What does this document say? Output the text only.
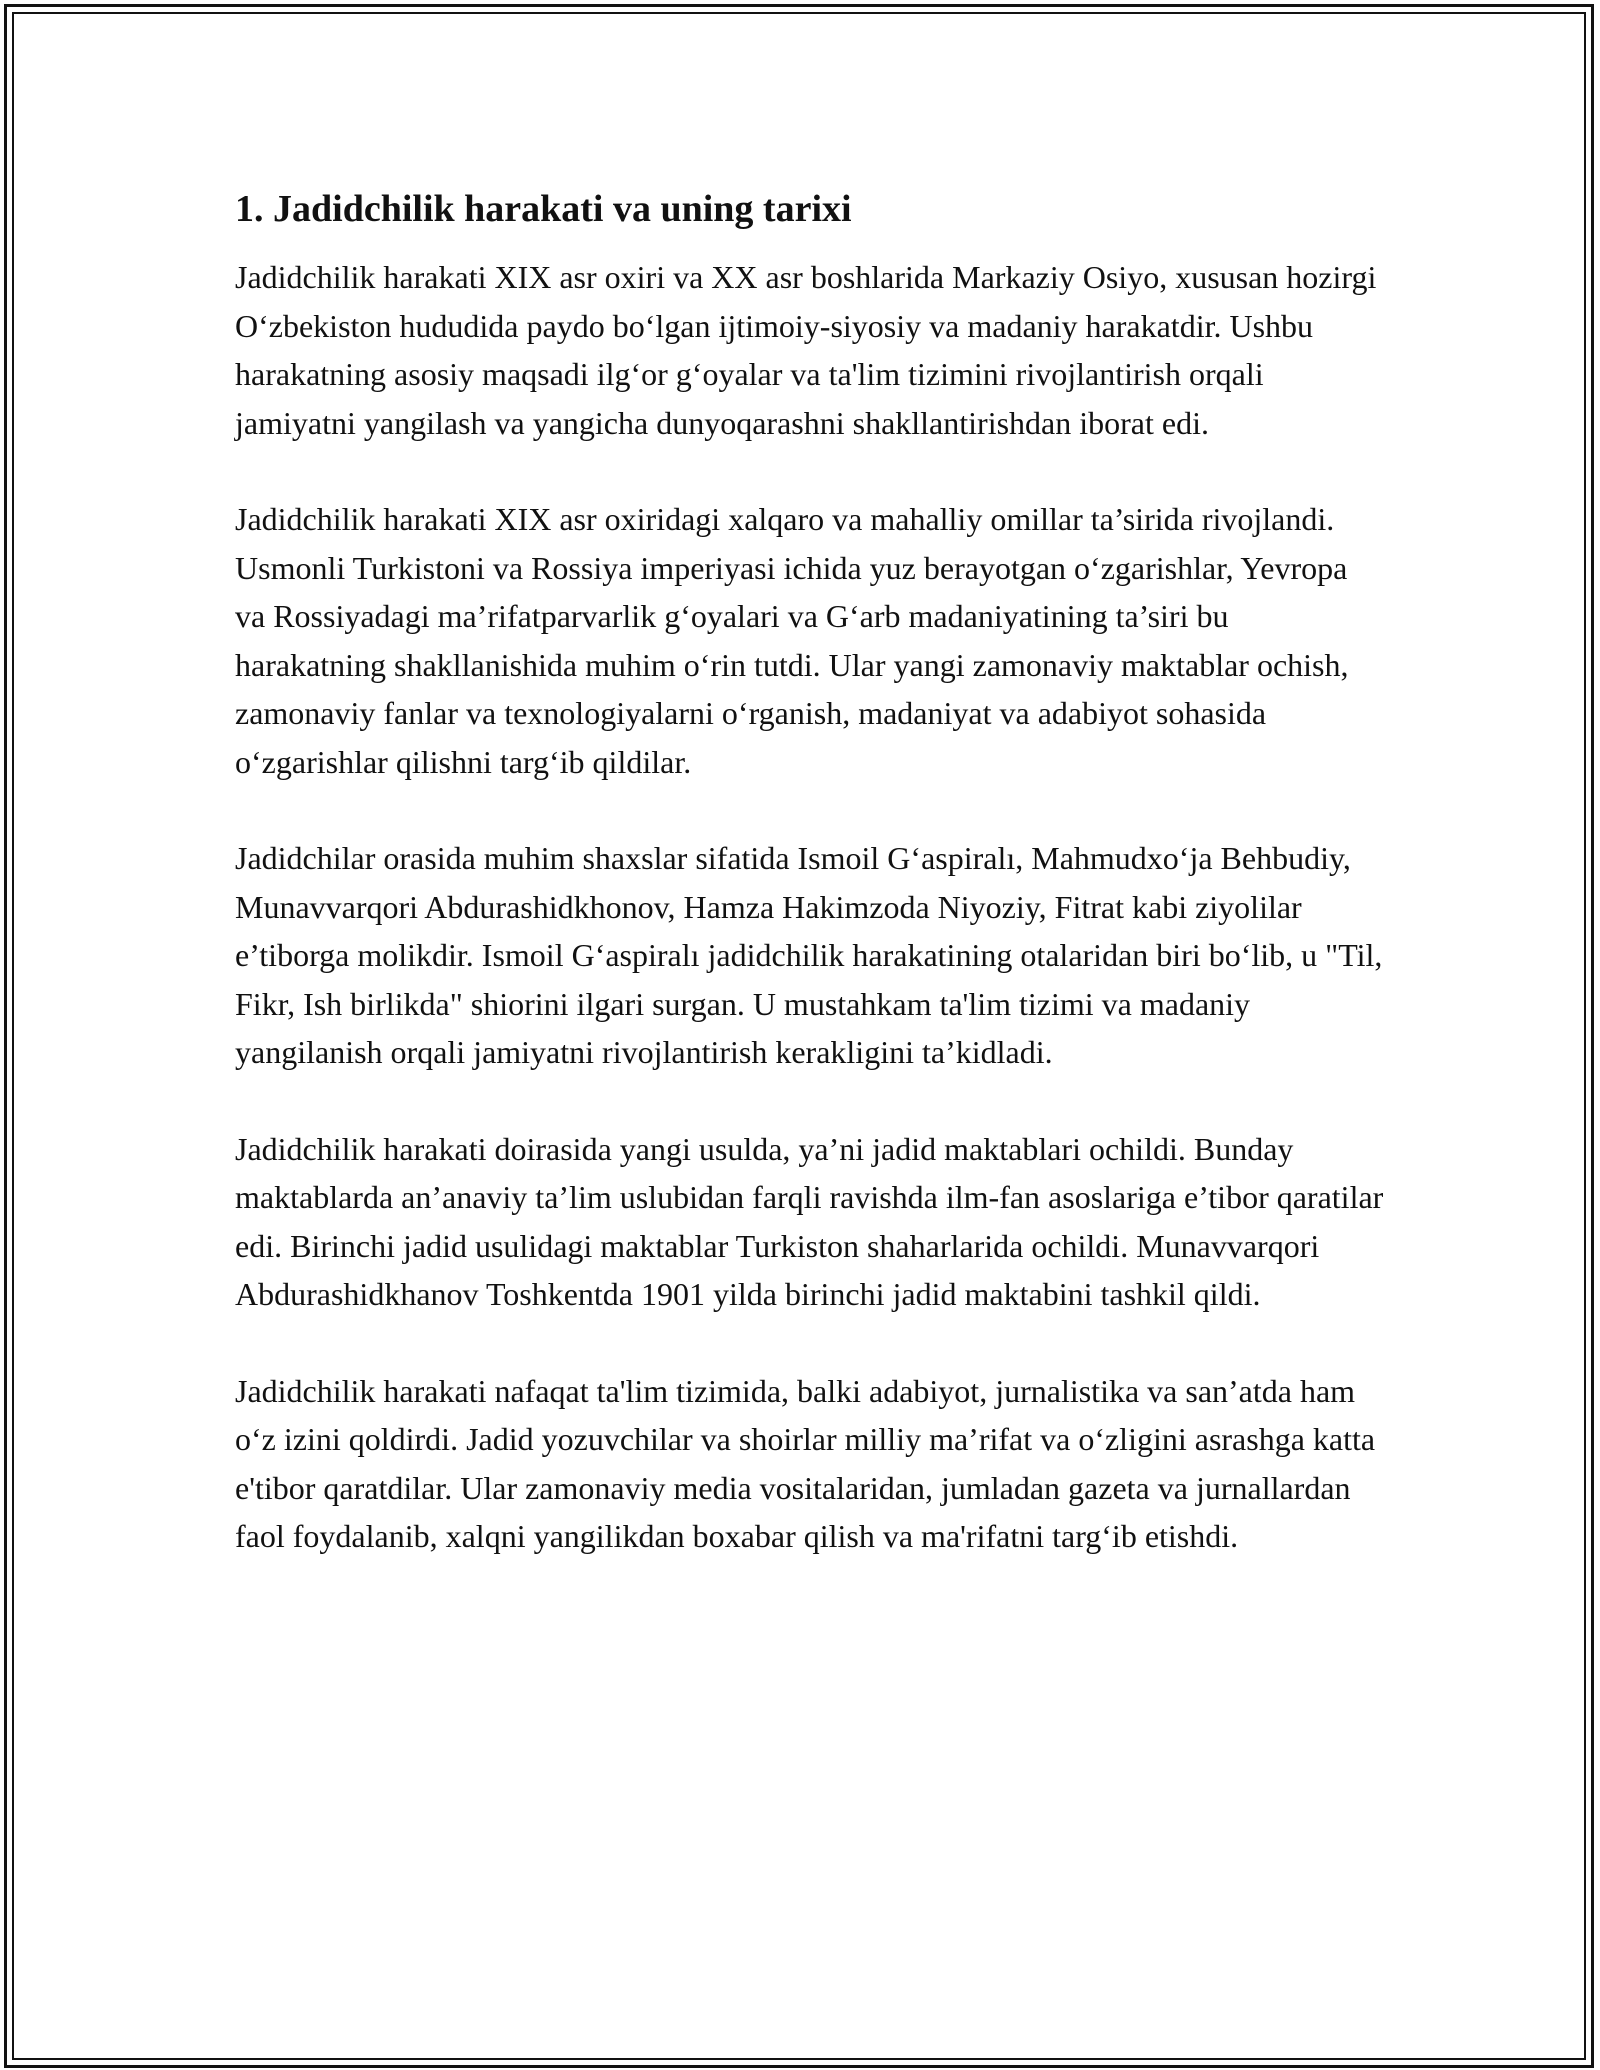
1. Jadidchilik harakati va uning tarixi

Jadidchilik harakati XIX asr oxiri va XX asr boshlarida Markaziy Osiyo, xususan hozirgi O‘zbekiston hududida paydo bo‘lgan ijtimoiy-siyosiy va madaniy harakatdir. Ushbu harakatning asosiy maqsadi ilg‘or g‘oyalar va ta'lim tizimini rivojlantirish orqali jamiyatni yangilash va yangicha dunyoqarashni shakllantirishdan iborat edi.

Jadidchilik harakati XIX asr oxiridagi xalqaro va mahalliy omillar ta’sirida rivojlandi. Usmonli Turkistoni va Rossiya imperiyasi ichida yuz berayotgan o‘zgarishlar, Yevropa va Rossiyadagi ma’rifatparvarlik g‘oyalari va G‘arb madaniyatining ta’siri bu harakatning shakllanishida muhim o‘rin tutdi. Ular yangi zamonaviy maktablar ochish, zamonaviy fanlar va texnologiyalarni o‘rganish, madaniyat va adabiyot sohasida o‘zgarishlar qilishni targ‘ib qildilar.

Jadidchilar orasida muhim shaxslar sifatida Ismoil G‘aspiralı, Mahmudxo‘ja Behbudiy, Munavvarqori Abdurashidkhonov, Hamza Hakimzoda Niyoziy, Fitrat kabi ziyolilar e’tiborga molikdir. Ismoil G‘aspiralı jadidchilik harakatining otalaridan biri bo‘lib, u "Til, Fikr, Ish birlikda" shiorini ilgari surgan. U mustahkam ta'lim tizimi va madaniy yangilanish orqali jamiyatni rivojlantirish kerakligini ta’kidladi.

Jadidchilik harakati doirasida yangi usulda, ya’ni jadid maktablari ochildi. Bunday maktablarda an’anaviy ta’lim uslubidan farqli ravishda ilm-fan asoslariga e’tibor qaratilar edi. Birinchi jadid usulidagi maktablar Turkiston shaharlarida ochildi. Munavvarqori Abdurashidkhanov Toshkentda 1901 yilda birinchi jadid maktabini tashkil qildi.

Jadidchilik harakati nafaqat ta'lim tizimida, balki adabiyot, jurnalistika va san’atda ham o‘z izini qoldirdi. Jadid yozuvchilar va shoirlar milliy ma’rifat va o‘zligini asrashga katta e'tibor qaratdilar. Ular zamonaviy media vositalaridan, jumladan gazeta va jurnallardan faol foydalanib, xalqni yangilikdan boxabar qilish va ma'rifatni targ‘ib etishdi.
